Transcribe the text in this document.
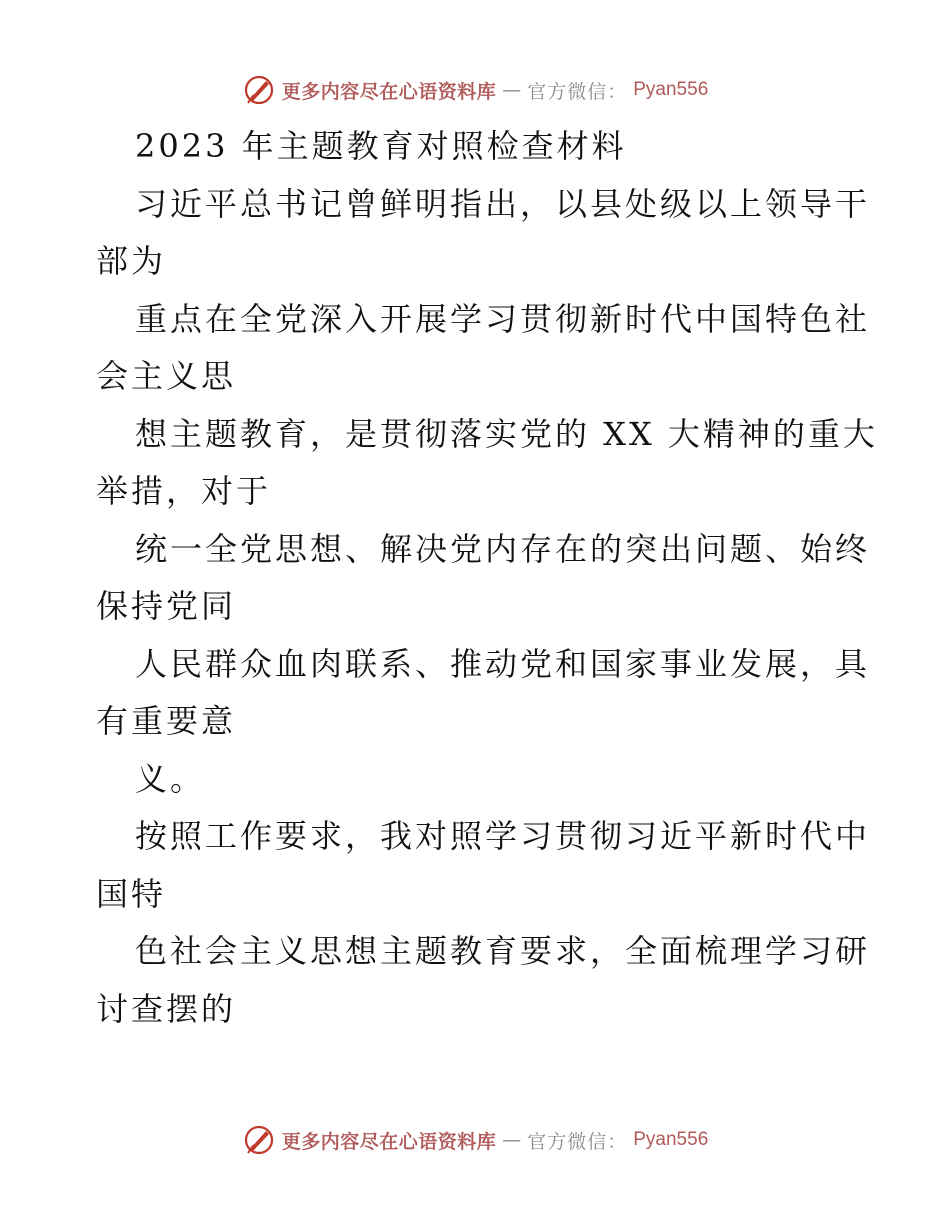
更多内容尽在心语资料库 — 官方微信： Pyan556
2023 年主题教育对照检查材料
习近平总书记曾鲜明指出，以县处级以上领导干
部为
重点在全党深入开展学习贯彻新时代中国特色社
会主义思
想主题教育，是贯彻落实党的 XX 大精神的重大
举措，对于
统一全党思想、解决党内存在的突出问题、始终
保持党同
人民群众血肉联系、推动党和国家事业发展，具
有重要意
义。
按照工作要求，我对照学习贯彻习近平新时代中
国特
色社会主义思想主题教育要求，全面梳理学习研
讨查摆的
更多内容尽在心语资料库 — 官方微信： Pyan556
